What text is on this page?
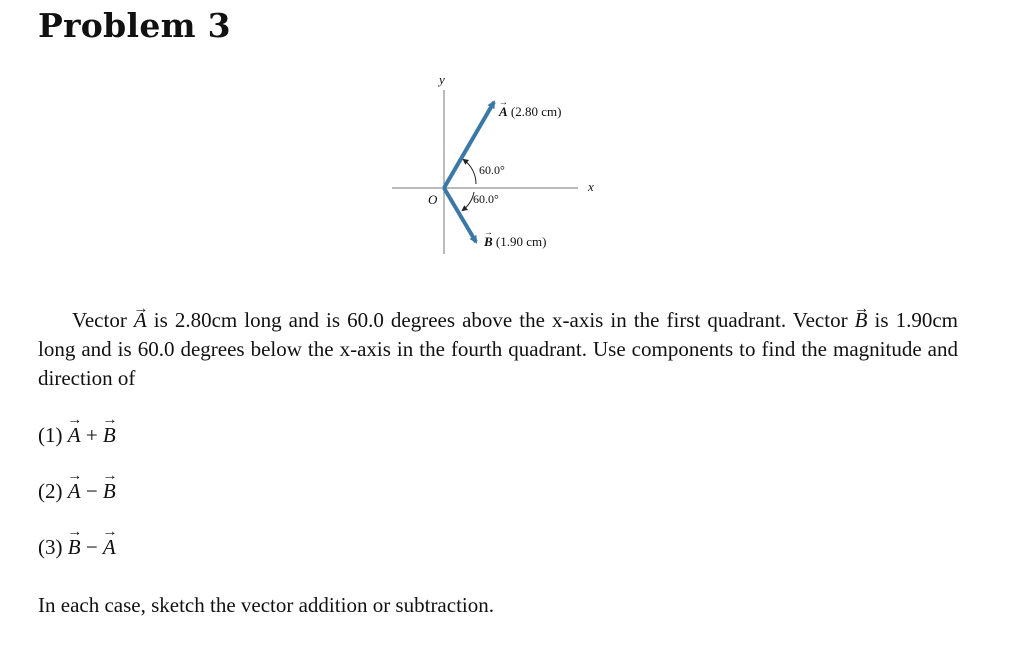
Problem 3
y
x
O
→ A (2.80 cm)
→ B (1.90 cm)
60.0°
60.0°
Vector → A is 2.80cm long and is 60.0 degrees above the x-axis in the first quadrant. Vector → B is 1.90cm long and is 60.0 degrees below the x-axis in the fourth quadrant. Use components to find the magnitude and direction of
(1) → A + → B
(2) → A − → B
(3) → B − → A
In each case, sketch the vector addition or subtraction.
